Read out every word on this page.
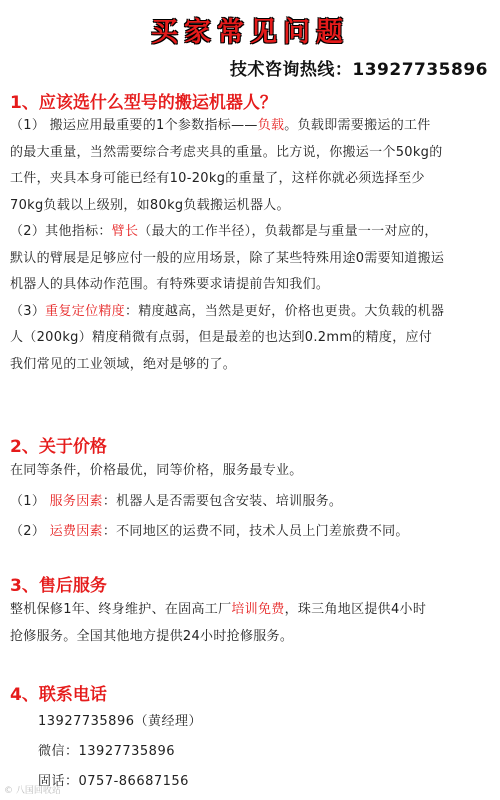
买家常见问题
技术咨询热线：13927735896
1、应该选什么型号的搬运机器人？
（1） 搬运应用最重要的1个参数指标——负载。负载即需要搬运的工件
的最大重量，当然需要综合考虑夹具的重量。比方说，你搬运一个50kg的
工件，夹具本身可能已经有10-20kg的重量了，这样你就必须选择至少
70kg负载以上级别，如80kg负载搬运机器人。
（2）其他指标：臂长（最大的工作半径），负载都是与重量一一对应的，
默认的臂展是足够应付一般的应用场景，除了某些特殊用途0需要知道搬运
机器人的具体动作范围。有特殊要求请提前告知我们。
（3）重复定位精度：精度越高，当然是更好，价格也更贵。大负载的机器
人（200kg）精度稍微有点弱，但是最差的也达到0.2mm的精度，应付
我们常见的工业领域，绝对是够的了。
2、关于价格
在同等条件，价格最优，同等价格，服务最专业。
（1） 服务因素：机器人是否需要包含安装、培训服务。
（2） 运费因素：不同地区的运费不同，技术人员上门差旅费不同。
3、售后服务
整机保修1年、终身维护、在固高工厂培训免费，珠三角地区提供4小时
抢修服务。全国其他地方提供24小时抢修服务。
4、联系电话
13927735896（黄经理）
微信：13927735896
固话：0757-86687156
© 八国回收站
